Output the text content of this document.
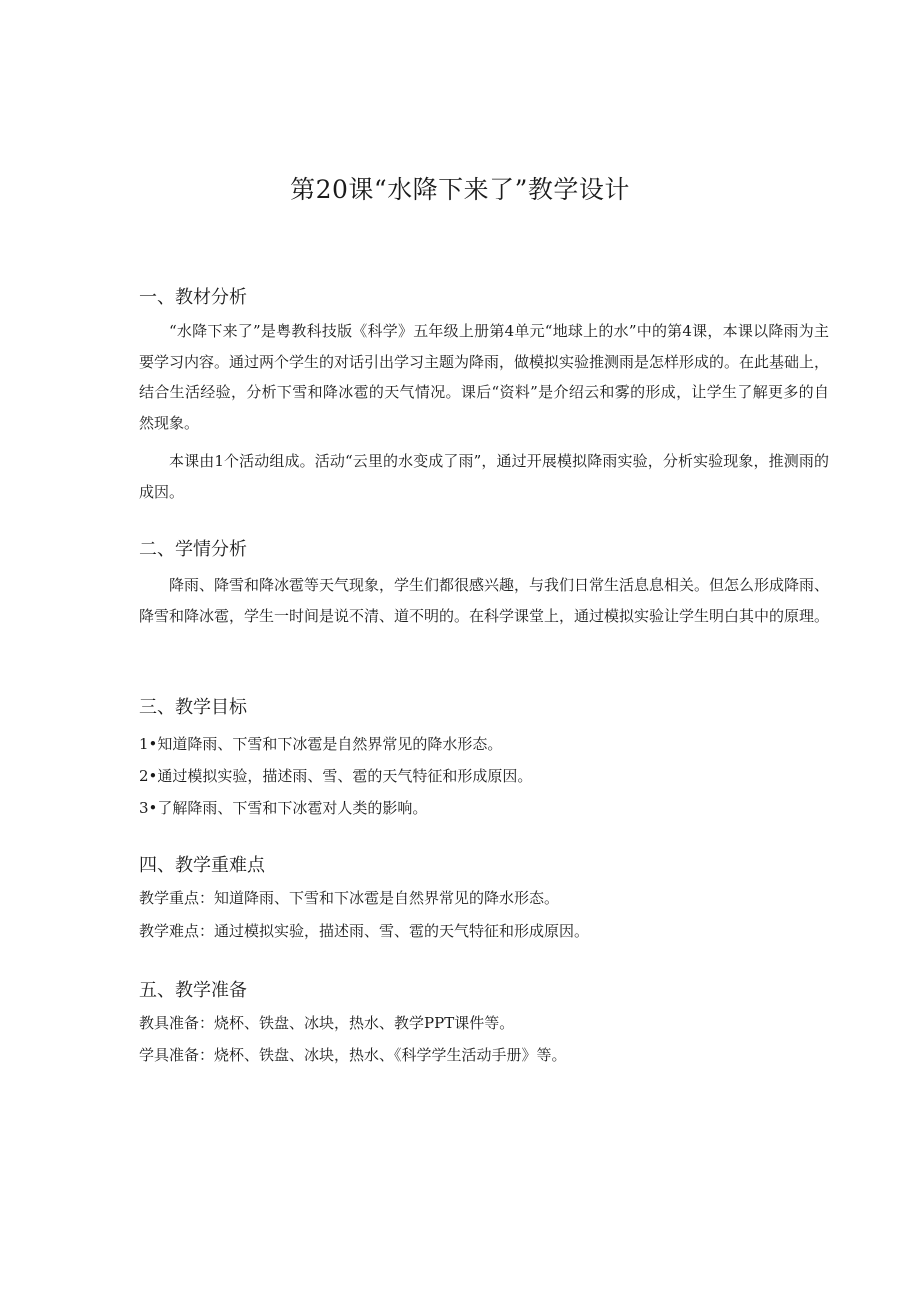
第20课“水降下来了”教学设计
一、教材分析
“水降下来了”是粤教科技版《科学》五年级上册第4单元“地球上的水”中的第4课，本课以降雨为主要学习内容。通过两个学生的对话引出学习主题为降雨，做模拟实验推测雨是怎样形成的。在此基础上，结合生活经验，分析下雪和降冰雹的天气情况。课后“资料”是介绍云和雾的形成，让学生了解更多的自然现象。
本课由1个活动组成。活动“云里的水变成了雨”，通过开展模拟降雨实验，分析实验现象，推测雨的成因。
二、学情分析
降雨、降雪和降冰雹等天气现象，学生们都很感兴趣，与我们日常生活息息相关。但怎么形成降雨、降雪和降冰雹，学生一时间是说不清、道不明的。在科学课堂上，通过模拟实验让学生明白其中的原理。
三、教学目标
1•知道降雨、下雪和下冰雹是自然界常见的降水形态。
2•通过模拟实验，描述雨、雪、雹的天气特征和形成原因。
3•了解降雨、下雪和下冰雹对人类的影响。
四、教学重难点
教学重点：知道降雨、下雪和下冰雹是自然界常见的降水形态。
教学难点：通过模拟实验，描述雨、雪、雹的天气特征和形成原因。
五、教学准备
教具准备：烧杯、铁盘、冰块，热水、教学PPT课件等。
学具准备：烧杯、铁盘、冰块，热水、《科学学生活动手册》等。
